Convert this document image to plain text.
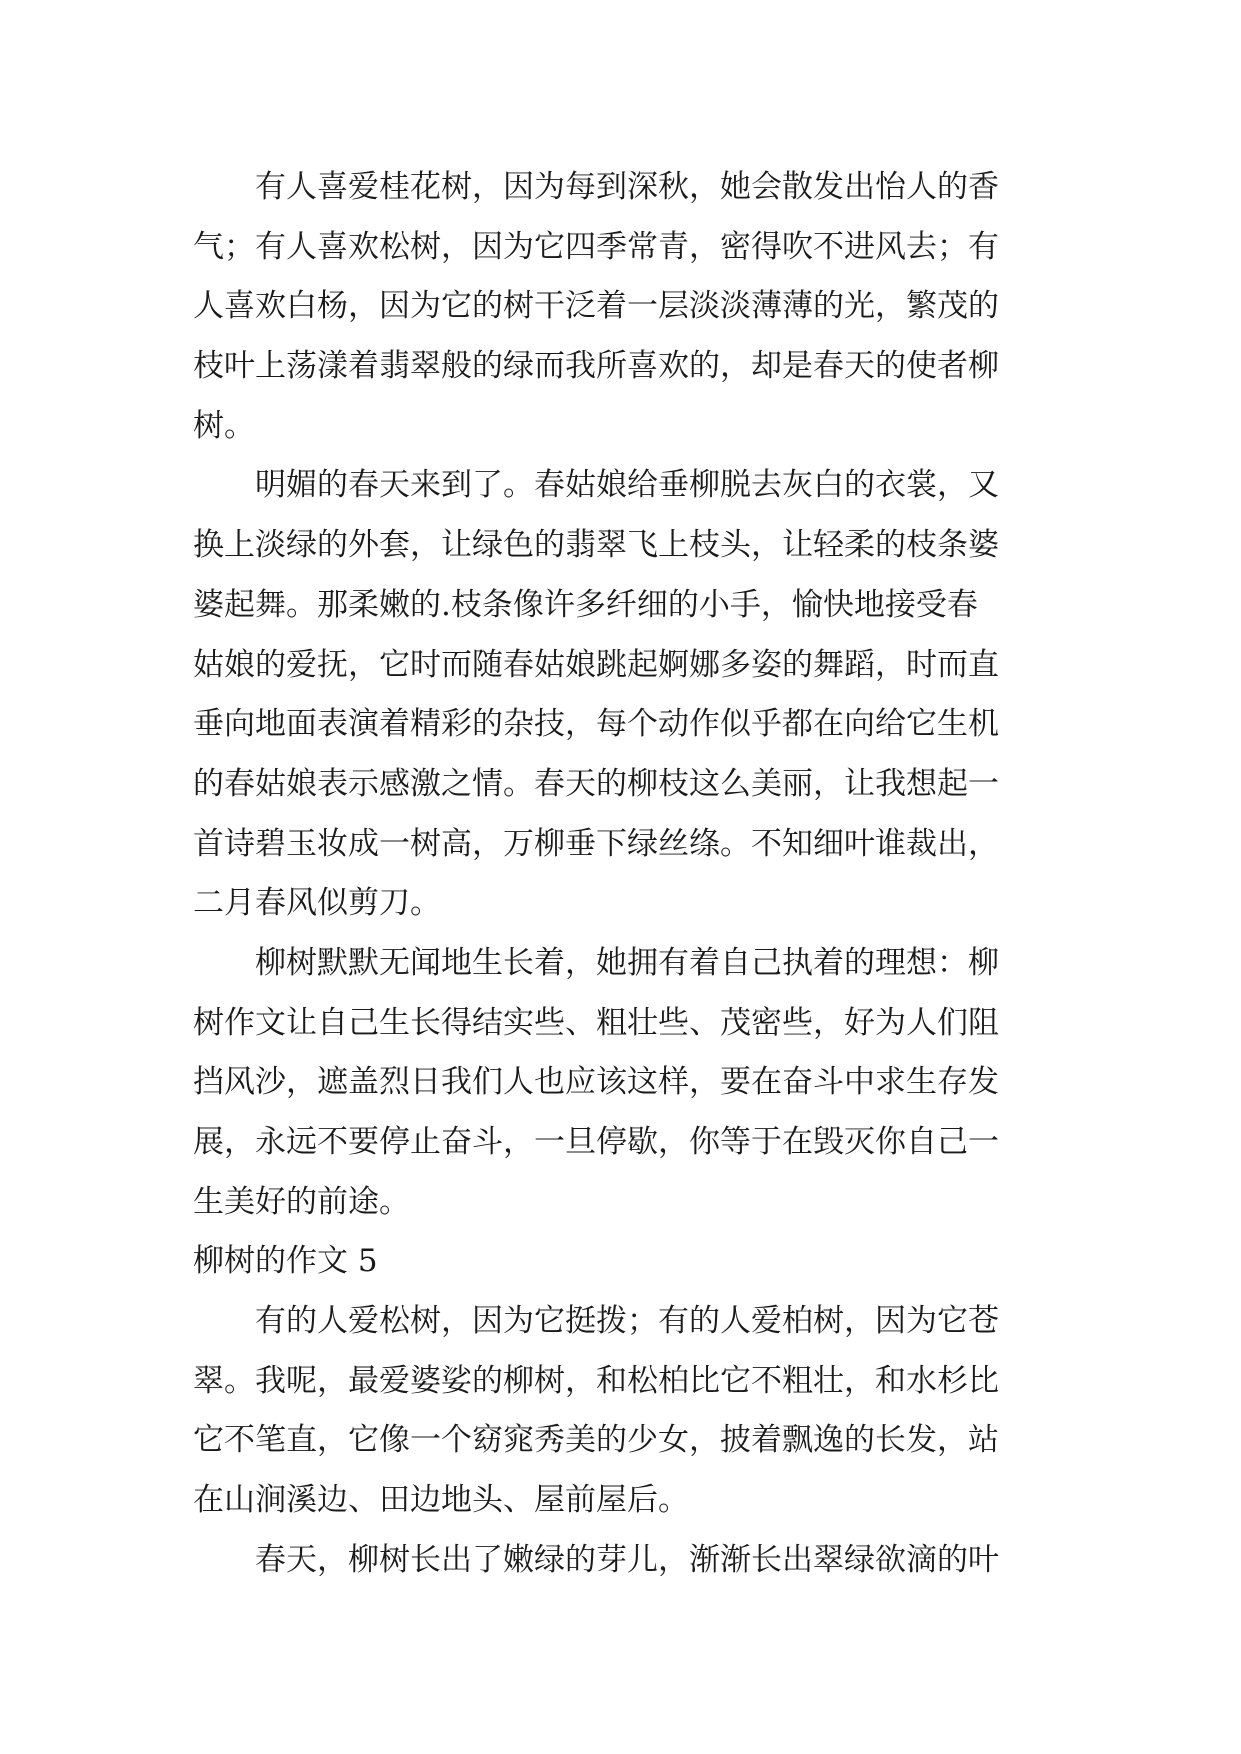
有人喜爱桂花树，因为每到深秋，她会散发出怡人的香
气；有人喜欢松树，因为它四季常青，密得吹不进风去；有
人喜欢白杨，因为它的树干泛着一层淡淡薄薄的光，繁茂的
枝叶上荡漾着翡翠般的绿而我所喜欢的，却是春天的使者柳
树。
明媚的春天来到了。春姑娘给垂柳脱去灰白的衣裳，又
换上淡绿的外套，让绿色的翡翠飞上枝头，让轻柔的枝条婆
婆起舞。那柔嫩的.枝条像许多纤细的小手，愉快地接受春
姑娘的爱抚，它时而随春姑娘跳起婀娜多姿的舞蹈，时而直
垂向地面表演着精彩的杂技，每个动作似乎都在向给它生机
的春姑娘表示感激之情。春天的柳枝这么美丽，让我想起一
首诗碧玉妆成一树高，万柳垂下绿丝绦。不知细叶谁裁出，
二月春风似剪刀。
柳树默默无闻地生长着，她拥有着自己执着的理想：柳
树作文让自己生长得结实些、粗壮些、茂密些，好为人们阻
挡风沙，遮盖烈日我们人也应该这样，要在奋斗中求生存发
展，永远不要停止奋斗，一旦停歇，你等于在毁灭你自己一
生美好的前途。
柳树的作文 5
有的人爱松树，因为它挺拨；有的人爱柏树，因为它苍
翠。我呢，最爱婆娑的柳树，和松柏比它不粗壮，和水杉比
它不笔直，它像一个窈窕秀美的少女，披着飘逸的长发，站
在山涧溪边、田边地头、屋前屋后。
春天，柳树长出了嫩绿的芽儿，渐渐长出翠绿欲滴的叶
